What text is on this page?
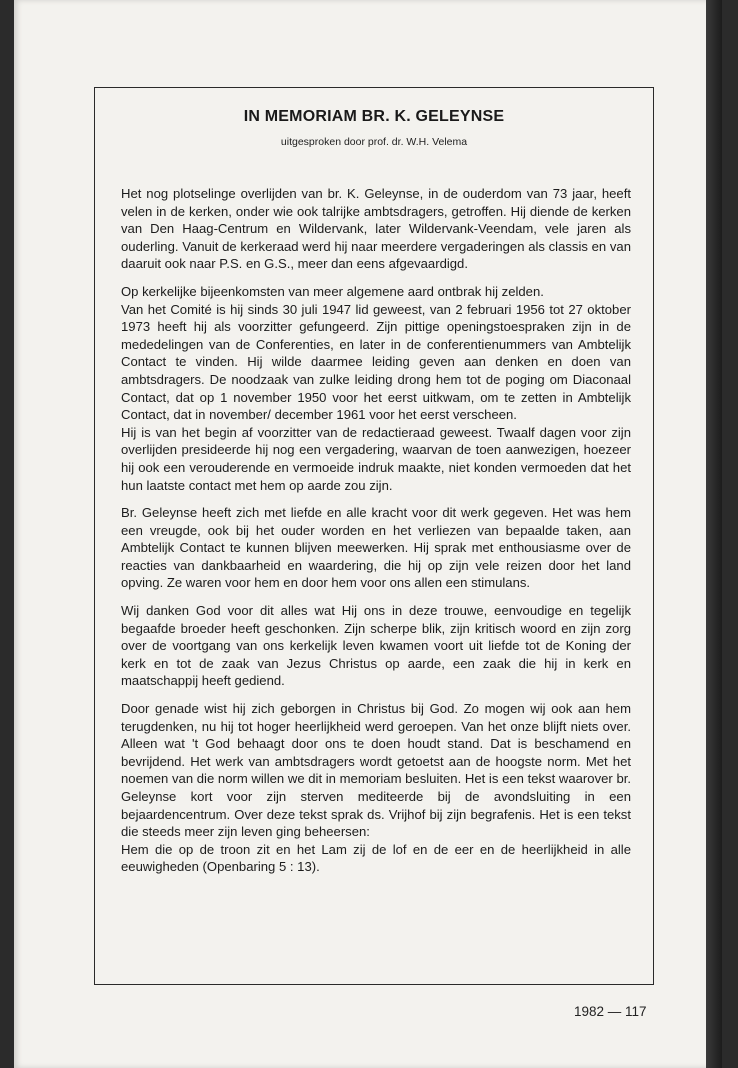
IN MEMORIAM BR. K. GELEYNSE
uitgesproken door prof. dr. W.H. Velema

Het nog plotselinge overlijden van br. K. Geleynse, in de ouderdom van 73 jaar, heeft velen in de kerken, onder wie ook talrijke ambtsdragers, getroffen. Hij diende de kerken van Den Haag-Centrum en Wildervank, later Wildervank-Veendam, vele jaren als ouderling. Vanuit de kerkeraad werd hij naar meerdere vergaderingen als classis en van daaruit ook naar P.S. en G.S., meer dan eens afgevaardigd.

Op kerkelijke bijeenkomsten van meer algemene aard ontbrak hij zelden.

Van het Comité is hij sinds 30 juli 1947 lid geweest, van 2 februari 1956 tot 27 oktober 1973 heeft hij als voorzitter gefungeerd. Zijn pittige openingstoespraken zijn in de mededelingen van de Conferenties, en later in de conferentienummers van Ambtelijk Contact te vinden. Hij wilde daarmee leiding geven aan denken en doen van ambtsdragers. De noodzaak van zulke leiding drong hem tot de poging om Diaconaal Contact, dat op 1 november 1950 voor het eerst uitkwam, om te zetten in Ambtelijk Contact, dat in november/ december 1961 voor het eerst verscheen.

Hij is van het begin af voorzitter van de redactieraad geweest. Twaalf dagen voor zijn overlijden presideerde hij nog een vergadering, waarvan de toen aanwezigen, hoezeer hij ook een verouderende en vermoeide indruk maakte, niet konden vermoeden dat het hun laatste contact met hem op aarde zou zijn.

Br. Geleynse heeft zich met liefde en alle kracht voor dit werk gegeven. Het was hem een vreugde, ook bij het ouder worden en het verliezen van bepaalde taken, aan Ambtelijk Contact te kunnen blijven meewerken. Hij sprak met enthousiasme over de reacties van dankbaarheid en waardering, die hij op zijn vele reizen door het land opving. Ze waren voor hem en door hem voor ons allen een stimulans.

Wij danken God voor dit alles wat Hij ons in deze trouwe, eenvoudige en tegelijk begaafde broeder heeft geschonken. Zijn scherpe blik, zijn kritisch woord en zijn zorg over de voortgang van ons kerkelijk leven kwamen voort uit liefde tot de Koning der kerk en tot de zaak van Jezus Christus op aarde, een zaak die hij in kerk en maatschappij heeft gediend.

Door genade wist hij zich geborgen in Christus bij God. Zo mogen wij ook aan hem terugdenken, nu hij tot hoger heerlijkheid werd geroepen. Van het onze blijft niets over. Alleen wat 't God behaagt door ons te doen houdt stand. Dat is beschamend en bevrijdend. Het werk van ambtsdragers wordt getoetst aan de hoogste norm. Met het noemen van die norm willen we dit in memoriam besluiten. Het is een tekst waarover br. Geleynse kort voor zijn sterven mediteerde bij de avondsluiting in een bejaardencentrum. Over deze tekst sprak ds. Vrijhof bij zijn begrafenis. Het is een tekst die steeds meer zijn leven ging beheersen:

Hem die op de troon zit en het Lam zij de lof en de eer en de heerlijkheid in alle eeuwigheden (Openbaring 5 : 13).

1982 — 117
